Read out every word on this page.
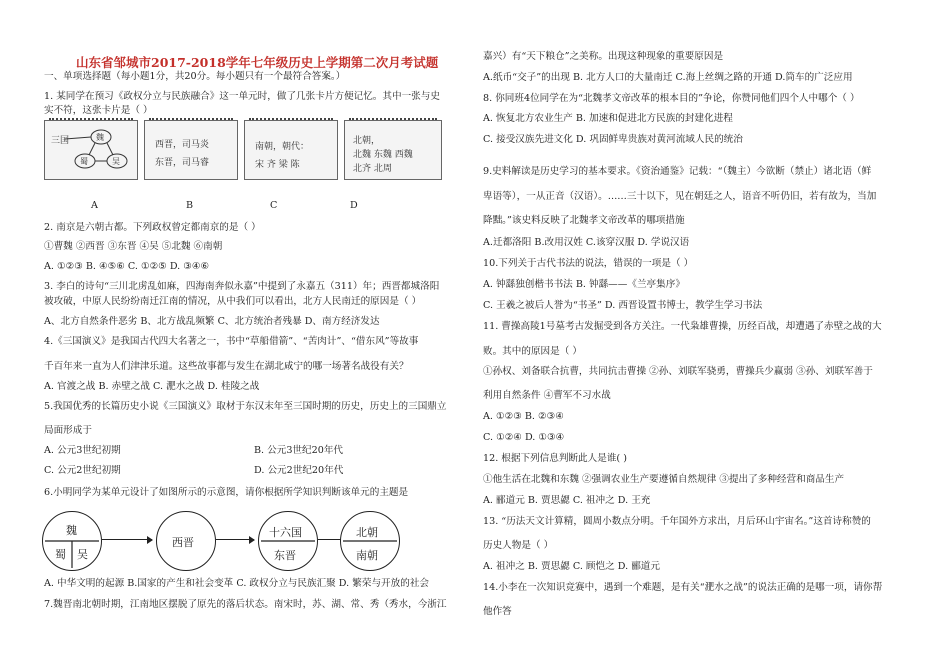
山东省邹城市2017-2018学年七年级历史上学期第二次月考试题

一、单项选择题（每小题1分，共20分。每小题只有一个最符合答案。）

1. 某同学在预习《政权分立与民族融合》这一单元时，做了几张卡片方便记忆。其中一张与史

实不符，这张卡片是（ ）

2. 南京是六朝古都。下列政权曾定都南京的是（ ）

①曹魏 ②西晋 ③东晋 ④吴 ⑤北魏 ⑥南朝

A. ①②③ B. ④⑤⑥ C. ①②⑤ D. ③④⑥

3. 李白的诗句“三川北虏乱如麻，四海南奔似永嘉”中提到了永嘉五（311）年；西晋都城洛阳

被攻破，中原人民纷纷南迁江南的情况，从中我们可以看出，北方人民南迁的原因是（ ）

A、北方自然条件恶劣 B、北方战乱频繁 C、北方统治者残暴 D、南方经济发达

4.《三国演义》是我国古代四大名著之一，书中“草船借箭”、“苦肉计”、“借东风”等故事

千百年来一直为人们津津乐道。这些故事都与发生在湖北咸宁的哪一场著名战役有关？

A. 官渡之战 B. 赤壁之战 C. 淝水之战 D. 桂陵之战

5.我国优秀的长篇历史小说《三国演义》取材于东汉末年至三国时期的历史，历史上的三国鼎立

局面形成于

A. 公元3世纪初期	B. 公元3世纪20年代

C. 公元2世纪初期	D. 公元2世纪20年代

6.小明同学为某单元设计了如图所示的示意图，请你根据所学知识判断该单元的主题是

A. 中华文明的起源 B.国家的产生和社会变革 C. 政权分立与民族汇聚 D. 繁荣与开放的社会

7.魏晋南北朝时期，江南地区摆脱了原先的落后状态。南宋时，苏、湖、常、秀（秀水，今浙江

A	B	C	D

嘉兴）有“天下粮仓”之美称。出现这种现象的重要原因是

A.纸币“交子”的出现 B. 北方人口的大量南迁 C.海上丝绸之路的开通 D.筒车的广泛应用

8. 你同班4位同学在为“北魏孝文帝改革的根本目的”争论，你赞同他们四个人中哪个（ ）

A. 恢复北方农业生产 B. 加速和促进北方民族的封建化进程

C. 接受汉族先进文化 D. 巩固鲜卑贵族对黄河流域人民的统治

9.史料解读是历史学习的基本要求。《资治通鉴》记载：“（魏主）今欲断（禁止）诸北语（鲜

卑语等），一从正音（汉语）。……三十以下，见在朝廷之人，语音不听仍旧，若有故为，当加

降黜。”该史料反映了北魏孝文帝改革的哪项措施

A.迁都洛阳 B.改用汉姓 C.该穿汉服 D. 学说汉语

10.下列关于古代书法的说法，错误的一项是（ ）

A. 钟繇独创楷书书法 B. 钟繇——《兰亭集序》

C. 王羲之被后人誉为“书圣” D. 西晋设置书博士，教学生学习书法

11. 曹操高陵1号墓考古发掘受到各方关注。一代枭雄曹操，历经百战，却遭遇了赤壁之战的大

败。其中的原因是（ ）

①孙权、刘备联合抗曹，共同抗击曹操 ②孙、刘联军骁勇，曹操兵少赢弱 ③孙、刘联军善于

利用自然条件 ④曹军不习水战

A. ①②③ B. ②③④

C. ①②④ D. ①③④

12. 根据下列信息判断此人是谁( )

①他生活在北魏和东魏 ②强调农业生产要遵循自然规律 ③提出了多种经营和商品生产

A. 郦道元 B. 贾思勰 C. 祖冲之 D. 王充

13. “历法天文计算精，圆周小数点分明。千年国外方求出，月后环山宇宙名。”这首诗称赞的

历史人物是（ ）

A. 祖冲之 B. 贾思勰 C. 顾恺之 D. 郦道元

14.小李在一次知识竞赛中，遇到一个难题，是有关“淝水之战”的说法正确的是哪一项，请你帮

他作答

三国	魏
蜀	吴
西晋，司马炎
东晋，司马睿
南朝，朝代：
宋 齐 梁 陈
北朝，
北魏 东魏 西魏
北齐 北周
魏
蜀 吴
西晋
十六国
东晋
北朝
南朝
